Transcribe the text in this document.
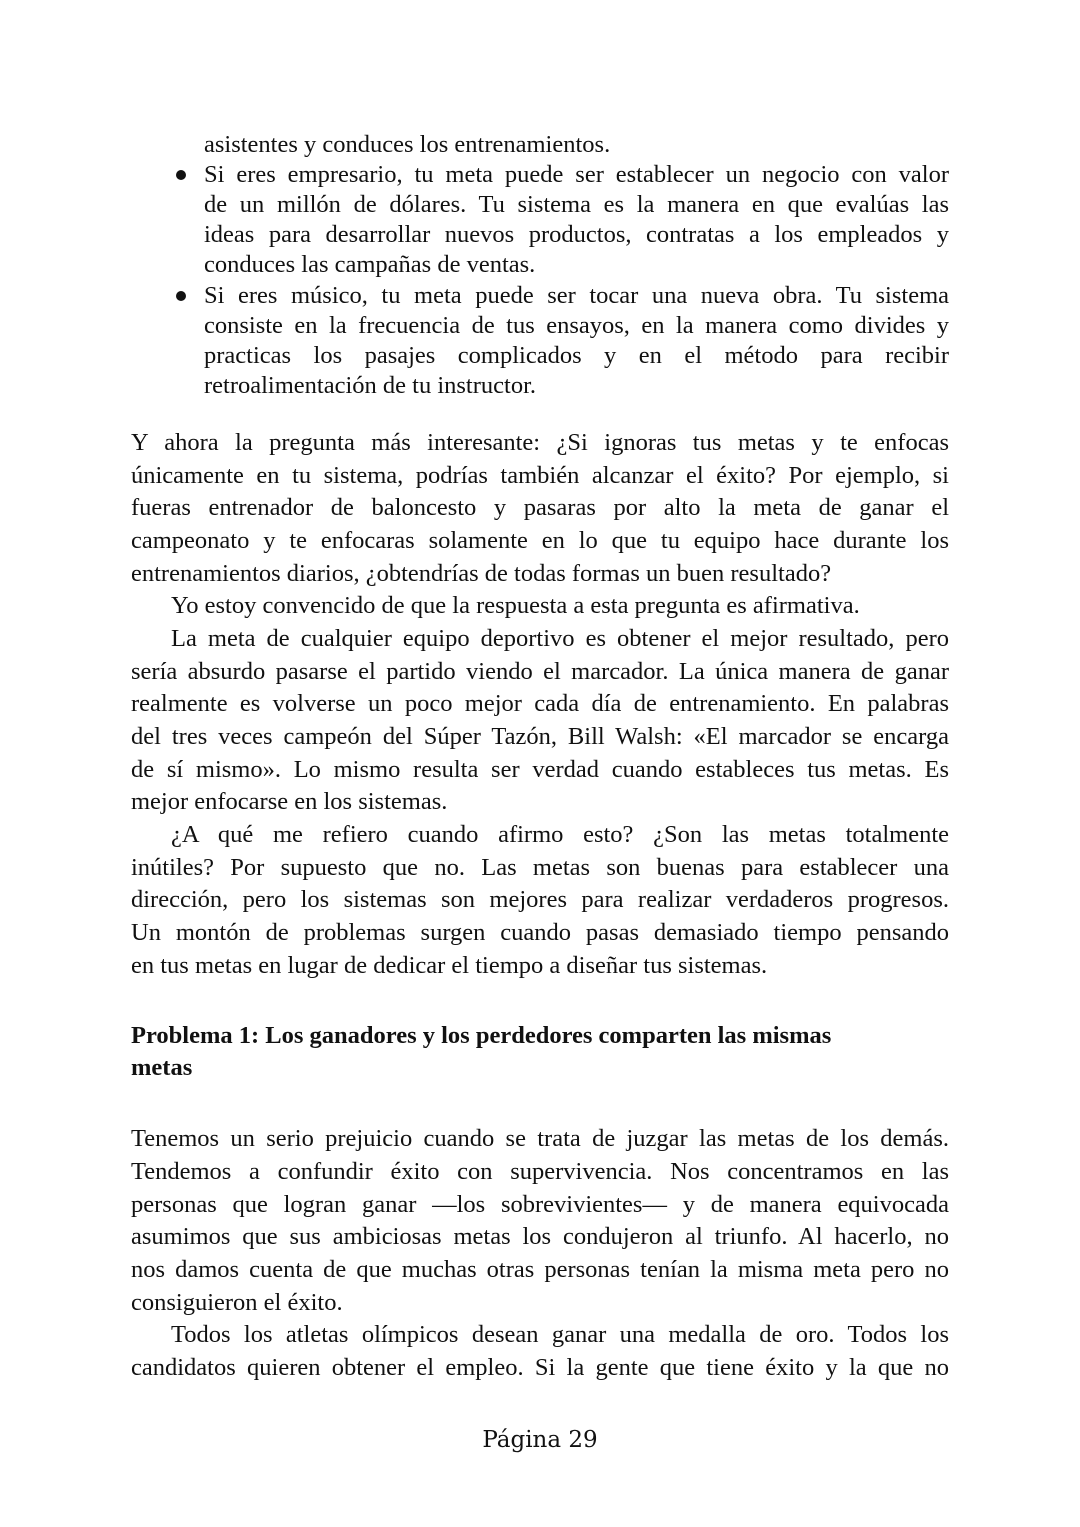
asistentes y conduces los entrenamientos.
Si eres empresario, tu meta puede ser establecer un negocio con valor
de un millón de dólares. Tu sistema es la manera en que evalúas las
ideas para desarrollar nuevos productos, contratas a los empleados y
conduces las campañas de ventas.
Si eres músico, tu meta puede ser tocar una nueva obra. Tu sistema
consiste en la frecuencia de tus ensayos, en la manera como divides y
practicas los pasajes complicados y en el método para recibir
retroalimentación de tu instructor.
Y ahora la pregunta más interesante: ¿Si ignoras tus metas y te enfocas
únicamente en tu sistema, podrías también alcanzar el éxito? Por ejemplo, si
fueras entrenador de baloncesto y pasaras por alto la meta de ganar el
campeonato y te enfocaras solamente en lo que tu equipo hace durante los
entrenamientos diarios, ¿obtendrías de todas formas un buen resultado?
Yo estoy convencido de que la respuesta a esta pregunta es afirmativa.
La meta de cualquier equipo deportivo es obtener el mejor resultado, pero
sería absurdo pasarse el partido viendo el marcador. La única manera de ganar
realmente es volverse un poco mejor cada día de entrenamiento. En palabras
del tres veces campeón del Súper Tazón, Bill Walsh: «El marcador se encarga
de sí mismo». Lo mismo resulta ser verdad cuando estableces tus metas. Es
mejor enfocarse en los sistemas.
¿A qué me refiero cuando afirmo esto? ¿Son las metas totalmente
inútiles? Por supuesto que no. Las metas son buenas para establecer una
dirección, pero los sistemas son mejores para realizar verdaderos progresos.
Un montón de problemas surgen cuando pasas demasiado tiempo pensando
en tus metas en lugar de dedicar el tiempo a diseñar tus sistemas.
Problema 1: Los ganadores y los perdedores comparten las mismas
metas
Tenemos un serio prejuicio cuando se trata de juzgar las metas de los demás.
Tendemos a confundir éxito con supervivencia. Nos concentramos en las
personas que logran ganar —los sobrevivientes— y de manera equivocada
asumimos que sus ambiciosas metas los condujeron al triunfo. Al hacerlo, no
nos damos cuenta de que muchas otras personas tenían la misma meta pero no
consiguieron el éxito.
Todos los atletas olímpicos desean ganar una medalla de oro. Todos los
candidatos quieren obtener el empleo. Si la gente que tiene éxito y la que no
Página 29
